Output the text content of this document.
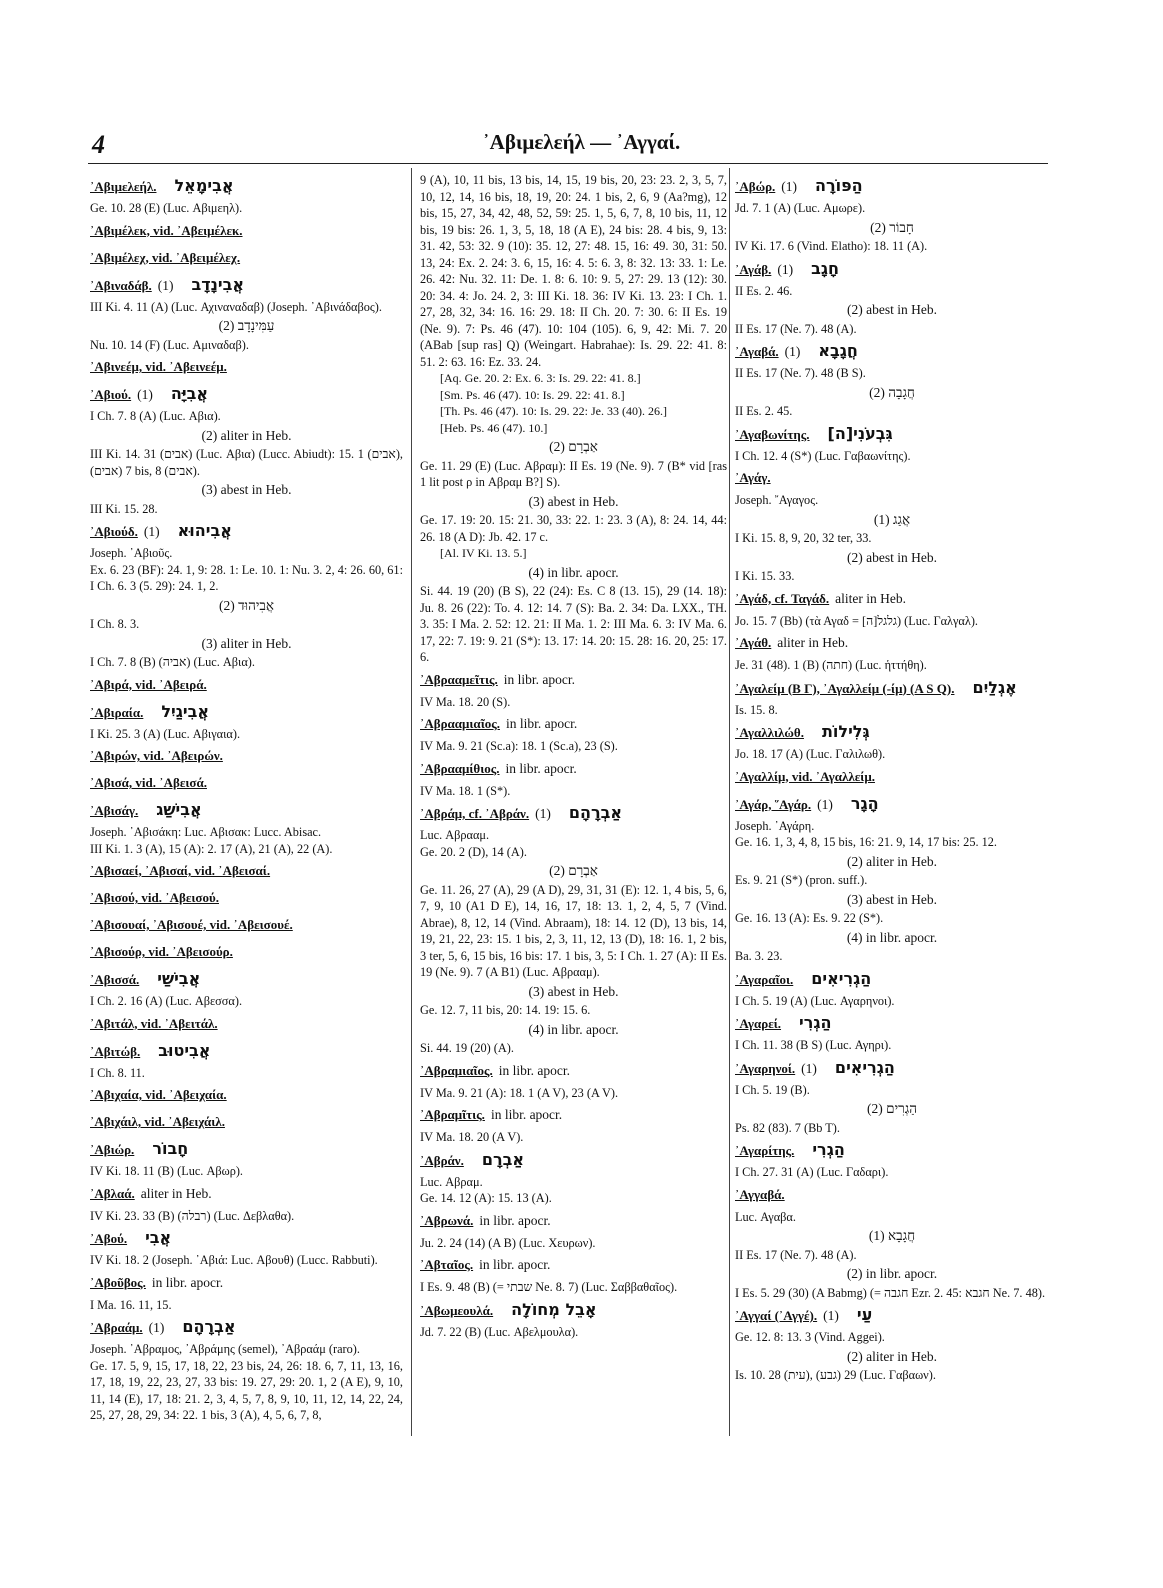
4	᾿Αβιμελεήλ — ᾿Αγγαί.
᾿Αβιμελεήλ. אֲבִימָאֵל
Ge. 10. 28 (E) (Luc. Αβιμεηλ).
᾿Αβιμέλεκ, vid. ᾿Αβειμέλεκ.
᾿Αβιμέλεχ, vid. ᾿Αβειμέλεχ.
᾿Αβιναδάβ. (1) אֲבִינָדָב
III Ki. 4. 11 (A) (Luc. Αχιναναδαβ) (Joseph. ᾿Αβινάδαβος).
(2) עַמִּינָדָב
Nu. 10. 14 (F) (Luc. Αμιναδαβ).
᾿Αβινεέμ, vid. ᾿Αβεινεέμ.
᾿Αβιού. (1) אֲבִיָּה
I Ch. 7. 8 (A) (Luc. Αβια).
(2) aliter in Heb.
III Ki. 14. 31 (אבים) (Luc. Αβια) (Lucc. Abiudt): 15. 1 (אבים), 7 (אבים) bis, 8 (אבים).
(3) abest in Heb.
III Ki. 15. 28.
᾿Αβιούδ. (1) אֲבִיהוּא
Joseph. ᾿Αβιοῦς.
Ex. 6. 23 (BF): 24. 1, 9: 28. 1: Le. 10. 1: Nu. 3. 2, 4: 26. 60, 61: I Ch. 6. 3 (5. 29): 24. 1, 2.
(2) אֲבִיהוּד
I Ch. 8. 3.
(3) aliter in Heb.
I Ch. 7. 8 (B) (אביה) (Luc. Αβια).
᾿Αβιρά, vid. ᾿Αβειρά.
᾿Αβιραία. אֲבִיגַיִל
I Ki. 25. 3 (A) (Luc. Αβιγαια).
᾿Αβιρών, vid. ᾿Αβειρών.
᾿Αβισά, vid. ᾿Αβεισά.
᾿Αβισάγ. אֲבִישַׁג
Joseph. ᾿Αβισάκη: Luc. Αβισακ: Lucc. Abisac.
III Ki. 1. 3 (A), 15 (A): 2. 17 (A), 21 (A), 22 (A).
᾿Αβισαεί, ᾿Αβισαί, vid. ᾿Αβεισαί.
᾿Αβισού, vid. ᾿Αβεισού.
᾿Αβισουαί, ᾿Αβισουέ, vid. ᾿Αβεισουέ.
᾿Αβισούρ, vid. ᾿Αβεισούρ.
᾿Αβισσά. אֲבִישַׁי
I Ch. 2. 16 (A) (Luc. Αβεσσα).
᾿Αβιτάλ, vid. ᾿Αβειτάλ.
᾿Αβιτώβ. אֲבִיטוּב
I Ch. 8. 11.
᾿Αβιχαία, vid. ᾿Αβειχαία.
᾿Αβιχάιλ, vid. ᾿Αβειχάιλ.
᾿Αβιώρ. חָבוֹר
IV Ki. 18. 11 (B) (Luc. Αβωρ).
᾿Αβλαά. aliter in Heb.
IV Ki. 23. 33 (B) (רבלה) (Luc. Δεβλαθα).
᾿Αβού. אֲבִי
IV Ki. 18. 2 (Joseph. ᾿Αβιά: Luc. Αβουθ) (Lucc. Rabbuti).
᾿Αβοῦβος. in libr. apocr.
I Ma. 16. 11, 15.
᾿Αβραάμ. (1) אַבְרָהָם
Joseph. ᾿Αβραμος, ᾿Αβράμης (semel), ᾿Αβραάμ (raro).
Ge. 17. 5, 9, 15, 17, 18, 22, 23 bis, 24, 26: 18. 6, 7, 11, 13, 16, 17, 18, 19, 22, 23, 27, 33 bis: 19. 27, 29: 20. 1, 2 (A E), 9, 10, 11, 14 (E), 17, 18: 21. 2, 3, 4, 5, 7, 8, 9, 10, 11, 12, 14, 22, 24, 25, 27, 28, 29, 34: 22. 1 bis, 3 (A), 4, 5, 6, 7, 8,
9 (A), 10, 11 bis, 13 bis, 14, 15, 19 bis, 20, 23: 23. 2, 3, 5, 7, 10, 12, 14, 16 bis, 18, 19, 20: 24. 1 bis, 2, 6, 9 (Aa?mg), 12 bis, 15, 27, 34, 42, 48, 52, 59: 25. 1, 5, 6, 7, 8, 10 bis, 11, 12 bis, 19 bis: 26. 1, 3, 5, 18, 18 (A E), 24 bis: 28. 4 bis, 9, 13: 31. 42, 53: 32. 9 (10): 35. 12, 27: 48. 15, 16: 49. 30, 31: 50. 13, 24: Ex. 2. 24: 3. 6, 15, 16: 4. 5: 6. 3, 8: 32. 13: 33. 1: Le. 26. 42: Nu. 32. 11: De. 1. 8: 6. 10: 9. 5, 27: 29. 13 (12): 30. 20: 34. 4: Jo. 24. 2, 3: III Ki. 18. 36: IV Ki. 13. 23: I Ch. 1. 27, 28, 32, 34: 16. 16: 29. 18: II Ch. 20. 7: 30. 6: II Es. 19 (Ne. 9). 7: Ps. 46 (47). 10: 104 (105). 6, 9, 42: Mi. 7. 20 (ABab [sup ras] Q) (Weingart. Habrahae): Is. 29. 22: 41. 8: 51. 2: 63. 16: Ez. 33. 24.
[Aq. Ge. 20. 2: Ex. 6. 3: Is. 29. 22: 41. 8.]
[Sm. Ps. 46 (47). 10: Is. 29. 22: 41. 8.]
[Th. Ps. 46 (47). 10: Is. 29. 22: Je. 33 (40). 26.]
[Heb. Ps. 46 (47). 10.]
(2) אַבְרָם
Ge. 11. 29 (E) (Luc. Αβραμ): II Es. 19 (Ne. 9). 7 (B* vid [ras 1 lit post ρ in Αβραμ B?] S).
(3) abest in Heb.
Ge. 17. 19: 20. 15: 21. 30, 33: 22. 1: 23. 3 (A), 8: 24. 14, 44: 26. 18 (A D): Jb. 42. 17 c.
[Al. IV Ki. 13. 5.]
(4) in libr. apocr.
Si. 44. 19 (20) (B S), 22 (24): Es. C 8 (13. 15), 29 (14. 18): Ju. 8. 26 (22): To. 4. 12: 14. 7 (S): Ba. 2. 34: Da. LXX., TH. 3. 35: I Ma. 2. 52: 12. 21: II Ma. 1. 2: III Ma. 6. 3: IV Ma. 6. 17, 22: 7. 19: 9. 21 (S*): 13. 17: 14. 20: 15. 28: 16. 20, 25: 17. 6.
᾿Αβρααμεῖτις. in libr. apocr.
IV Ma. 18. 20 (S).
᾿Αβρααμιαῖος. in libr. apocr.
IV Ma. 9. 21 (Sc.a): 18. 1 (Sc.a), 23 (S).
᾿Αβρααμίθιος. in libr. apocr.
IV Ma. 18. 1 (S*).
᾿Αβράμ, cf. ᾿Αβράν. (1) אַבְרָהָם
Luc. Αβρααμ.
Ge. 20. 2 (D), 14 (A).
(2) אַבְרָם
Ge. 11. 26, 27 (A), 29 (A D), 29, 31, 31 (E): 12. 1, 4 bis, 5, 6, 7, 9, 10 (A1 D E), 14, 16, 17, 18: 13. 1, 2, 4, 5, 7 (Vind. Abrae), 8, 12, 14 (Vind. Abraam), 18: 14. 12 (D), 13 bis, 14, 19, 21, 22, 23: 15. 1 bis, 2, 3, 11, 12, 13 (D), 18: 16. 1, 2 bis, 3 ter, 5, 6, 15 bis, 16 bis: 17. 1 bis, 3, 5: I Ch. 1. 27 (A): II Es. 19 (Ne. 9). 7 (A B1) (Luc. Αβρααμ).
(3) abest in Heb.
Ge. 12. 7, 11 bis, 20: 14. 19: 15. 6.
(4) in libr. apocr.
Si. 44. 19 (20) (A).
᾿Αβραμιαῖος. in libr. apocr.
IV Ma. 9. 21 (A): 18. 1 (A V), 23 (A V).
᾿Αβραμῖτις. in libr. apocr.
IV Ma. 18. 20 (A V).
᾿Αβράν. אַבְרָם
Luc. Αβραμ.
Ge. 14. 12 (A): 15. 13 (A).
᾿Αβρωνά. in libr. apocr.
Ju. 2. 24 (14) (A B) (Luc. Χευρων).
᾿Αβταῖος. in libr. apocr.
I Es. 9. 48 (B) (= שבתי Ne. 8. 7) (Luc. Σαββαθαῖος).
᾿Αβωμεουλά. אָבֵל מְחוֹלָה
Jd. 7. 22 (B) (Luc. Αβελμουλα).
᾿Αβώρ. (1) הַפּוֹרָה
Jd. 7. 1 (A) (Luc. Αμωρε).
(2) חָבוֹר
IV Ki. 17. 6 (Vind. Elatho): 18. 11 (A).
᾿Αγάβ. (1) חָגָב
II Es. 2. 46.
(2) abest in Heb.
II Es. 17 (Ne. 7). 48 (A).
᾿Αγαβά. (1) חֲגָבָא
II Es. 17 (Ne. 7). 48 (B S).
(2) חֲגָבָה
II Es. 2. 45.
᾿Αγαβωνίτης. [ה]גִּבְעֹנִי
I Ch. 12. 4 (S*) (Luc. Γαβαωνίτης).
᾿Αγάγ.
Joseph. ῎Αγαγος.
(1) אֲגַג
I Ki. 15. 8, 9, 20, 32 ter, 33.
(2) abest in Heb.
I Ki. 15. 33.
᾿Αγάδ, cf. Ταγάδ. aliter in Heb.
Jo. 15. 7 (Bb) (τὰ Αγαδ = [ה]גלגל) (Luc. Γαλγαλ).
᾿Αγάθ. aliter in Heb.
Je. 31 (48). 1 (B) (חתה) (Luc. ἡττήθη).
᾿Αγαλείμ (B Γ), ᾿Αγαλλείμ (-ίμ) (A S Q). אֶגְלַיִם
Is. 15. 8.
᾿Αγαλλιλώθ. גְּלִילוֹת
Jo. 18. 17 (A) (Luc. Γαλιλωθ).
᾿Αγαλλίμ, vid. ᾿Αγαλλείμ.
᾿Αγάρ, ῞Αγάρ. (1) הָגָר
Joseph. ᾿Αγάρη.
Ge. 16. 1, 3, 4, 8, 15 bis, 16: 21. 9, 14, 17 bis: 25. 12.
(2) aliter in Heb.
Es. 9. 21 (S*) (pron. suff.).
(3) abest in Heb.
Ge. 16. 13 (A): Es. 9. 22 (S*).
(4) in libr. apocr.
Ba. 3. 23.
᾿Αγαραῖοι. הַגְרִיאִים
I Ch. 5. 19 (A) (Luc. Αγαρηνοι).
᾿Αγαρεί. הַגְרִי
I Ch. 11. 38 (B S) (Luc. Αγηρι).
᾿Αγαρηνοί. (1) הַגְרִיאִים
I Ch. 5. 19 (B).
(2) הַגְרִים
Ps. 82 (83). 7 (Bb T).
᾿Αγαρίτης. הַגְרִי
I Ch. 27. 31 (A) (Luc. Γαδαρι).
᾿Αγγαβά.
Luc. Αγαβα.
(1) חֲגָבָא
II Es. 17 (Ne. 7). 48 (A).
(2) in libr. apocr.
I Es. 5. 29 (30) (A Babmg) (= חגבה Ezr. 2. 45: חגבא Ne. 7. 48).
᾿Αγγαί (᾿Αγγέ). (1) עַי
Ge. 12. 8: 13. 3 (Vind. Aggei).
(2) aliter in Heb.
Is. 10. 28 (עית), 29 (גבע) (Luc. Γαβαων).
